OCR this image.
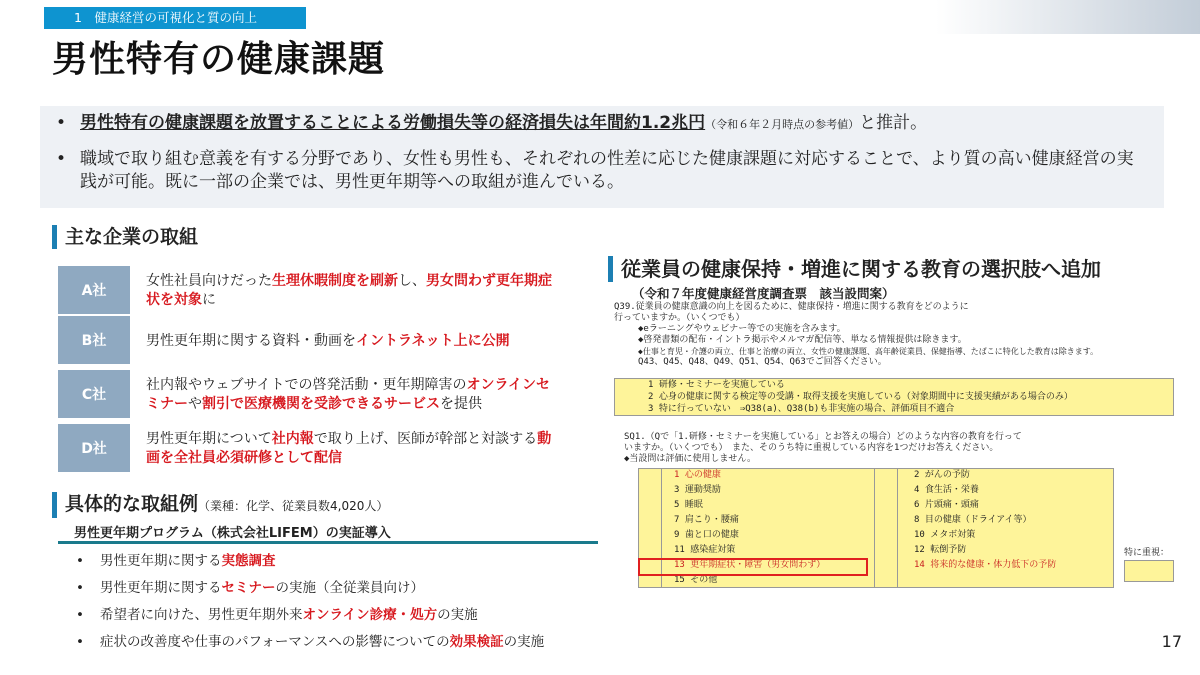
1　健康経営の可視化と質の向上
男性特有の健康課題
• 男性特有の健康課題を放置することによる労働損失等の経済損失は年間約1.2兆円（令和６年２月時点の参考値）と推計。
• 職域で取り組む意義を有する分野であり、女性も男性も、それぞれの性差に応じた健康課題に対応することで、より質の高い健康経営の実践が可能。既に一部の企業では、男性更年期等への取組が進んでいる。
主な企業の取組
A社
女性社員向けだった生理休暇制度を刷新し、男女問わず更年期症状を対象に
B社	男性更年期に関する資料・動画をイントラネット上に公開
C社
社内報やウェブサイトでの啓発活動・更年期障害のオンラインセミナーや割引で医療機関を受診できるサービスを提供
D社
男性更年期について社内報で取り上げ、医師が幹部と対談する動画を全社員必須研修として配信
具体的な取組例（業種：化学、従業員数4,020人）
男性更年期プログラム（株式会社LIFEM）の実証導入
• 男性更年期に関する実態調査
• 男性更年期に関するセミナーの実施（全従業員向け）
• 希望者に向けた、男性更年期外来オンライン診療・処方の実施
• 症状の改善度や仕事のパフォーマンスへの影響についての効果検証の実施
従業員の健康保持・増進に関する教育の選択肢へ追加
（令和７年度健康経営度調査票　該当設問案）
Q39.従業員の健康意識の向上を図るために、健康保持・増進に関する教育をどのように
行っていますか。（いくつでも）
◆eラーニングやウェビナー等での実施を含みます。
◆啓発書類の配布・イントラ掲示やメルマガ配信等、単なる情報提供は除きます。
◆仕事と育児・介護の両立、仕事と治療の両立、女性の健康課題、高年齢従業員、保健指導、たばこに特化した教育は除きます。
Q43、Q45、Q48、Q49、Q51、Q54、Q63でご回答ください。
1 研修・セミナーを実施している
2 心身の健康に関する検定等の受講・取得支援を実施している（対象期間中に支援実績がある場合のみ）
3 特に行っていない　⇒Q38(a)、Q38(b)も非実施の場合、評価項目不適合
SQ1.（Qで「1.研修・セミナーを実施している」とお答えの場合）どのような内容の教育を行って
いますか。（いくつでも）　また、そのうち特に重視している内容を1つだけお答えください。
◆当設問は評価に使用しません。
1 心の健康
3 運動奨励
5 睡眠
7 肩こり・腰痛
9 歯と口の健康
11 感染症対策
13 更年期症状・障害（男女問わず）
15 その他
2 がんの予防
4 食生活・栄養
6 片頭痛・頭痛
8 目の健康（ドライアイ等）
10 メタボ対策
12 転倒予防
14 将来的な健康・体力低下の予防
特に重視：
17
